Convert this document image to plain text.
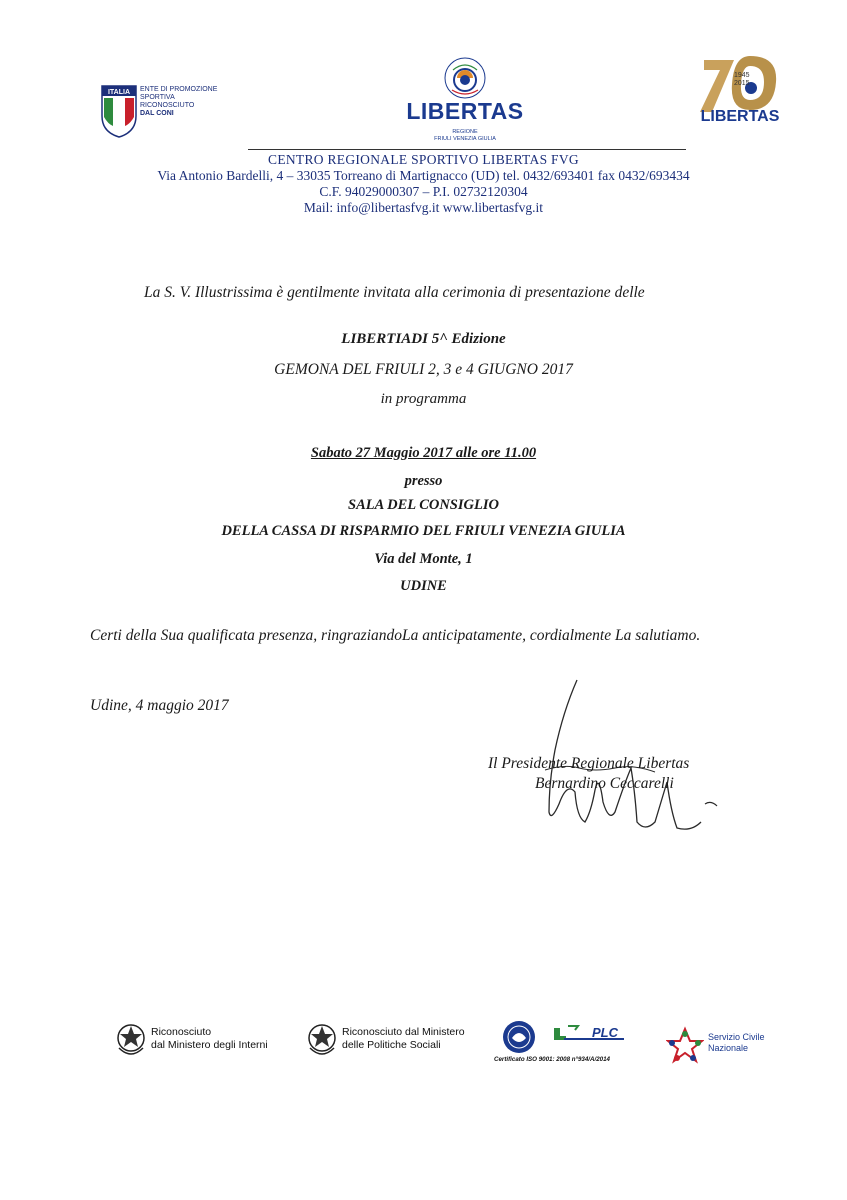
ITALIA ENTE DI PROMOZIONE
SPORTIVA
RICONOSCIUTO
DAL CONI	LIBERTAS
REGIONE
FRIULI VENEZIA GIULIA
1945
2015
LIBERTAS
CENTRO REGIONALE SPORTIVO LIBERTAS FVG
Via Antonio Bardelli, 4 – 33035 Torreano di Martignacco (UD) tel. 0432/693401 fax 0432/693434
C.F. 94029000307 – P.I. 02732120304
Mail: info@libertasfvg.it www.libertasfvg.it
La S. V. Illustrissima è gentilmente invitata alla cerimonia di presentazione delle
LIBERTIADI 5^ Edizione
GEMONA DEL FRIULI 2, 3 e 4 GIUGNO 2017
in programma
Sabato 27 Maggio 2017 alle ore 11.00
presso
SALA DEL CONSIGLIO
DELLA CASSA DI RISPARMIO DEL FRIULI VENEZIA GIULIA
Via del Monte, 1
UDINE
Certi della Sua qualificata presenza, ringraziandoLa anticipatamente, cordialmente La salutiamo.
Udine, 4 maggio 2017
Il Presidente Regionale Libertas
Bernardino Ceccarelli
Riconosciuto
dal Ministero degli Interni
Riconosciuto dal Ministero
delle Politiche Sociali
PLC
Certificato ISO 9001: 2008 n°934/A/2014
Servizio Civile
Nazionale
